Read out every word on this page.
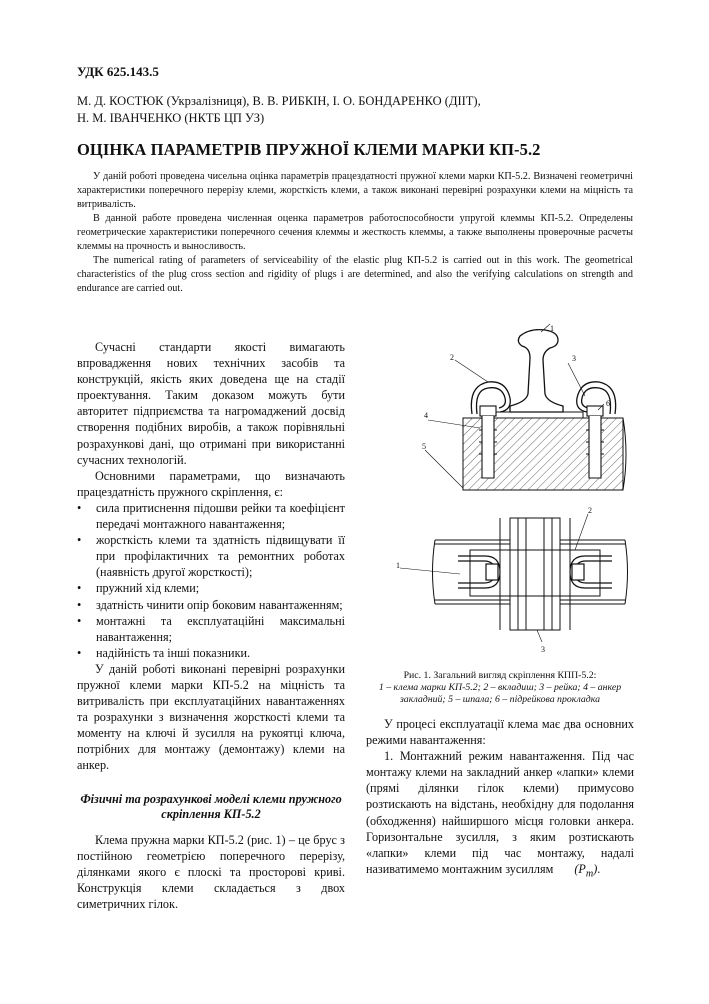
УДК 625.143.5
М. Д. КОСТЮК (Укрзалізниця), В. В. РИБКІН, І. О. БОНДАРЕНКО (ДІІТ),
Н. М. ІВАНЧЕНКО (НКТБ ЦП УЗ)
ОЦІНКА ПАРАМЕТРІВ ПРУЖНОЇ КЛЕМИ МАРКИ КП-5.2

У даній роботі проведена чисельна оцінка параметрів працездатності пружної клеми марки КП-5.2. Визначені геометричні характеристики поперечного перерізу клеми, жорсткість клеми, а також виконані перевірні розрахунки клеми на міцність та витривалість.

В данной работе проведена численная оценка параметров работоспособности упругой клеммы КП-5.2. Определены геометрические характеристики поперечного сечения клеммы и жесткость клеммы, а также выполнены проверочные расчеты клеммы на прочность и выносливость.

The numerical rating of parameters of serviceability of the elastic plug КП-5.2 is carried out in this work. The geometrical characteristics of the plug cross section and rigidity of plugs i are determined, and also the verifying calculations on strength and endurance are carried out.

Сучасні стандарти якості вимагають впровадження нових технічних засобів та конструкцій, якість яких доведена ще на стадії проектування. Таким доказом можуть бути авторитет підприємства та нагромаджений досвід створення подібних виробів, а також порівняльні розрахункові дані, що отримані при використанні сучасних технологій.

Основними параметрами, що визначають працездатність пружного скріплення, є:

• сила притиснення підошви рейки та коефіцієнт передачі монтажного навантаження;
• жорсткість клеми та здатність підвищувати її при профілактичних та ремонтних роботах (наявність другої жорсткості);
• пружний хід клеми;
• здатність чинити опір боковим навантаженням;
• монтажні та експлуатаційні максимальні навантаження;
• надійність та інші показники.

У даній роботі виконані перевірні розрахунки пружної клеми марки КП-5.2 на міцність та витривалість при експлуатаційних навантаженнях та розрахунки з визначення жорсткості клеми та моменту на ключі й зусилля на рукоятці ключа, потрібних для монтажу (демонтажу) клеми на анкер.

Фізичні та розрахункові моделі клеми пружного скріплення КП-5.2

Клема пружна марки КП-5.2 (рис. 1) – це брус з постійною геометрією поперечного перерізу, ділянками якого є плоскі та просторові криві. Конструкція клеми складається з двох симетричних гілок.

1
2	3
4
5
6
2
1
3
Рис. 1. Загальний вигляд скріплення КПП-5.2:
1 – клема марки КП-5.2; 2 – вкладиш; 3 – рейка; 4 – анкер закладний; 5 – шпала; 6 – підрейкова прокладка

У процесі експлуатації клема має два основних режими навантаження:

1. Монтажний режим навантаження. Під час монтажу клеми на закладний анкер «лапки» клеми (прямі ділянки гілок клеми) примусово розтискають на відстань, необхідну для подолання (обходження) найширшого місця головки анкера. Горизонтальне зусилля, з яким розтискають «лапки» клеми під час монтажу, надалі називатимемо монтажним зусиллям $(P_m)$.
